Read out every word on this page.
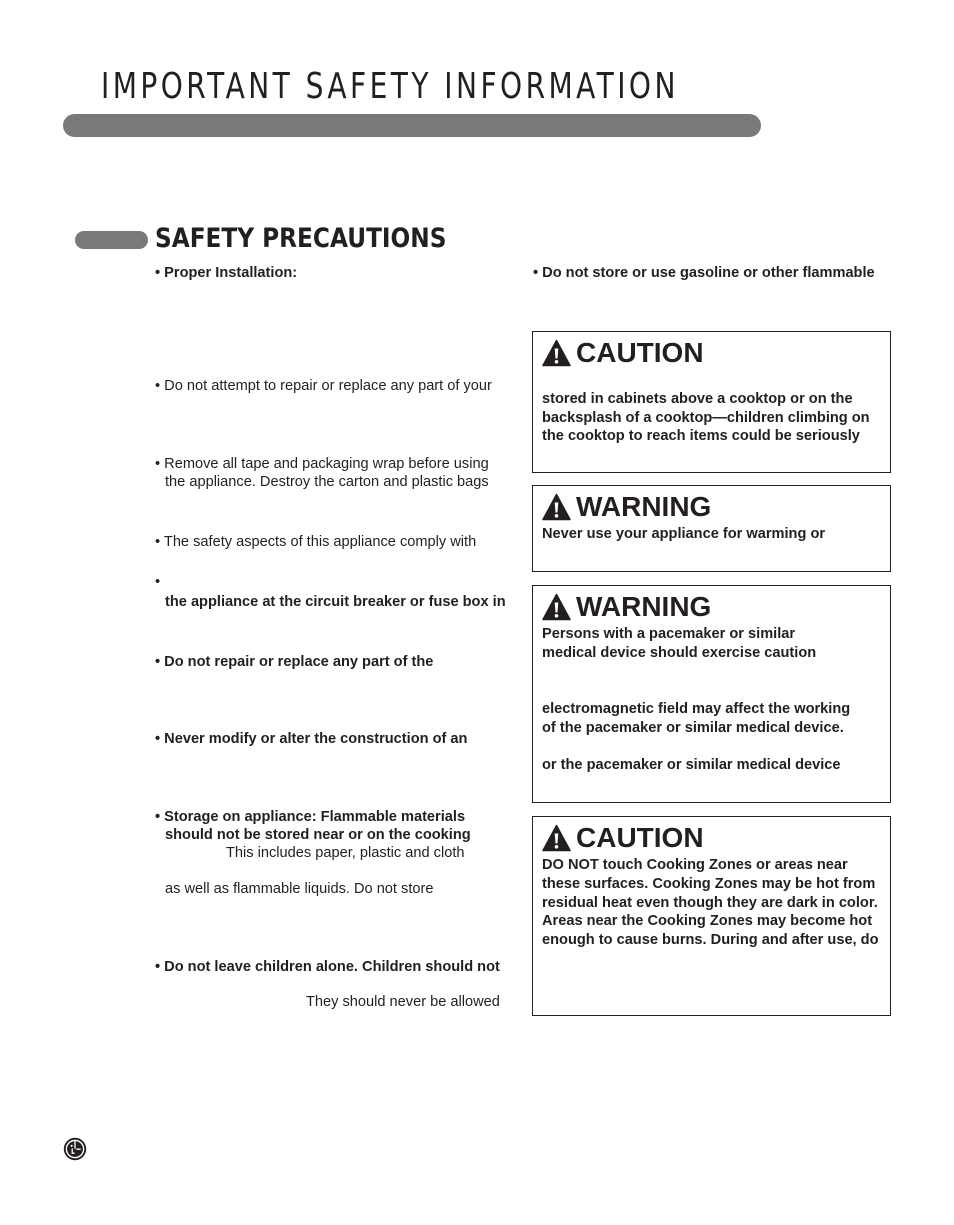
IMPORTANT SAFETY INFORMATION
SAFETY PRECAUTIONS
• Proper Installation:
• Do not attempt to repair or replace any part of your
• Remove all tape and packaging wrap before using
the appliance. Destroy the carton and plastic bags
• The safety aspects of this appliance comply with
•
the appliance at the circuit breaker or fuse box in
• Do not repair or replace any part of the
• Never modify or alter the construction of an
• Storage on appliance: Flammable materials
should not be stored near or on the cooking
This includes paper, plastic and cloth
as well as flammable liquids. Do not store
• Do not leave children alone. Children should not
They should never be allowed
• Do not store or use gasoline or other flammable
CAUTION
stored in cabinets above a cooktop or on the
backsplash of a cooktop—children climbing on
the cooktop to reach items could be seriously
WARNING
Never use your appliance for warming or
WARNING
Persons with a pacemaker or similar
medical device should exercise caution
electromagnetic field may affect the working
of the pacemaker or similar medical device.
or the pacemaker or similar medical device
CAUTION
DO NOT touch Cooking Zones or areas near
these surfaces. Cooking Zones may be hot from
residual heat even though they are dark in color.
Areas near the Cooking Zones may become hot
enough to cause burns. During and after use, do
